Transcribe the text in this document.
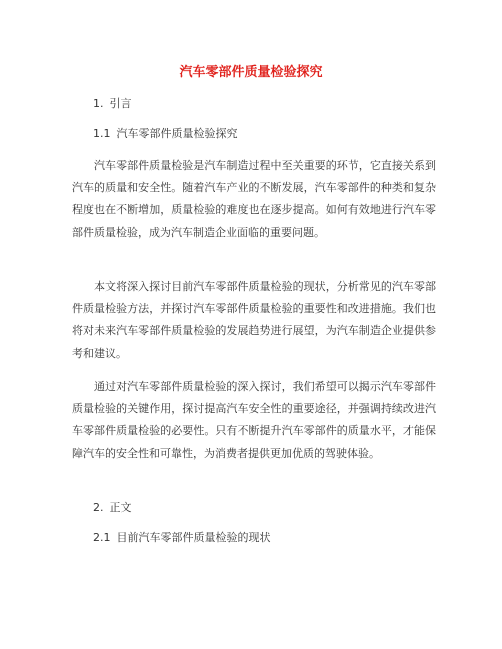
汽车零部件质量检验探究
1. 引言
1.1 汽车零部件质量检验探究

汽车零部件质量检验是汽车制造过程中至关重要的环节，它直接关系到汽车的质量和安全性。随着汽车产业的不断发展，汽车零部件的种类和复杂程度也在不断增加，质量检验的难度也在逐步提高。如何有效地进行汽车零部件质量检验，成为汽车制造企业面临的重要问题。

本文将深入探讨目前汽车零部件质量检验的现状，分析常见的汽车零部件质量检验方法，并探讨汽车零部件质量检验的重要性和改进措施。我们也将对未来汽车零部件质量检验的发展趋势进行展望，为汽车制造企业提供参考和建议。

通过对汽车零部件质量检验的深入探讨，我们希望可以揭示汽车零部件质量检验的关键作用，探讨提高汽车安全性的重要途径，并强调持续改进汽车零部件质量检验的必要性。只有不断提升汽车零部件的质量水平，才能保障汽车的安全性和可靠性，为消费者提供更加优质的驾驶体验。

2. 正文
2.1 目前汽车零部件质量检验的现状
